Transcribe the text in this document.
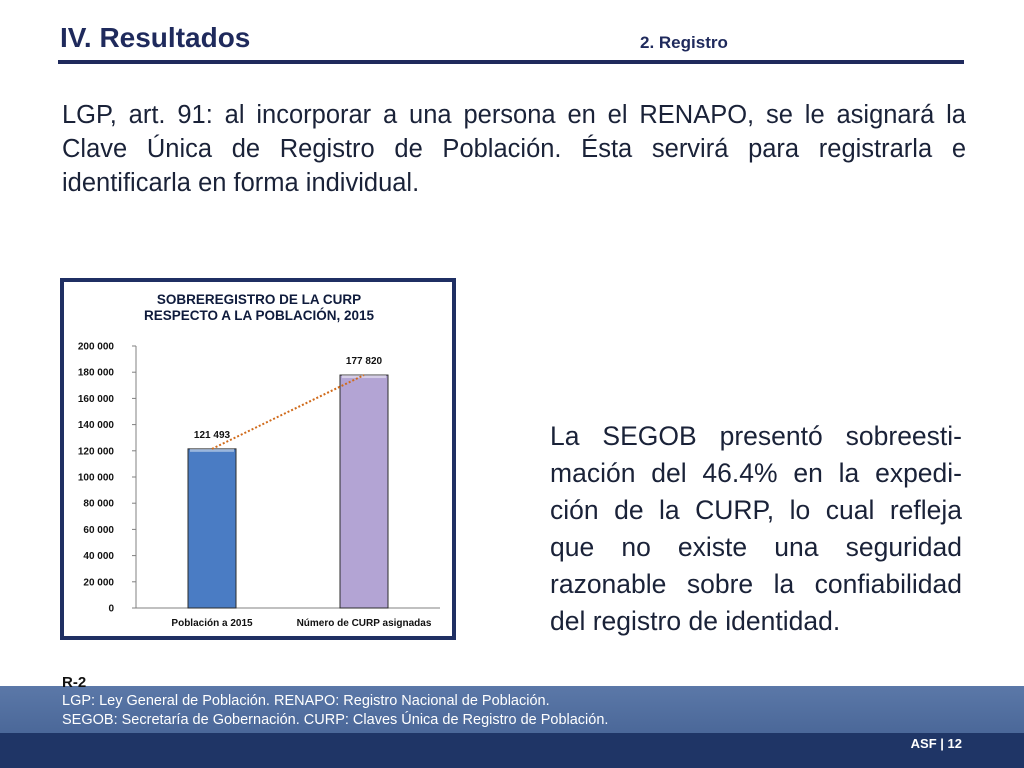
IV. Resultados	2. Registro
LGP, art. 91: al incorporar a una persona en el RENAPO, se le asignará la Clave Única de Registro de Población. Ésta servirá para registrarla e identificarla en forma individual.
SOBREREGISTRO DE LA CURP
RESPECTO A LA POBLACIÓN, 2015
0
20 000
40 000
60 000
80 000
100 000
120 000
140 000
160 000
180 000
200 000
121 493
Población a 2015
177 820
Número de CURP asignadas
La SEGOB presentó sobreesti-mación del 46.4% en la expedi-ción de la CURP, lo cual refleja que no existe una seguridad razonable sobre la confiabilidad del registro de identidad.
R-2
LGP: Ley General de Población. RENAPO: Registro Nacional de Población.
SEGOB: Secretaría de Gobernación. CURP: Claves Única de Registro de Población.
ASF | 12
